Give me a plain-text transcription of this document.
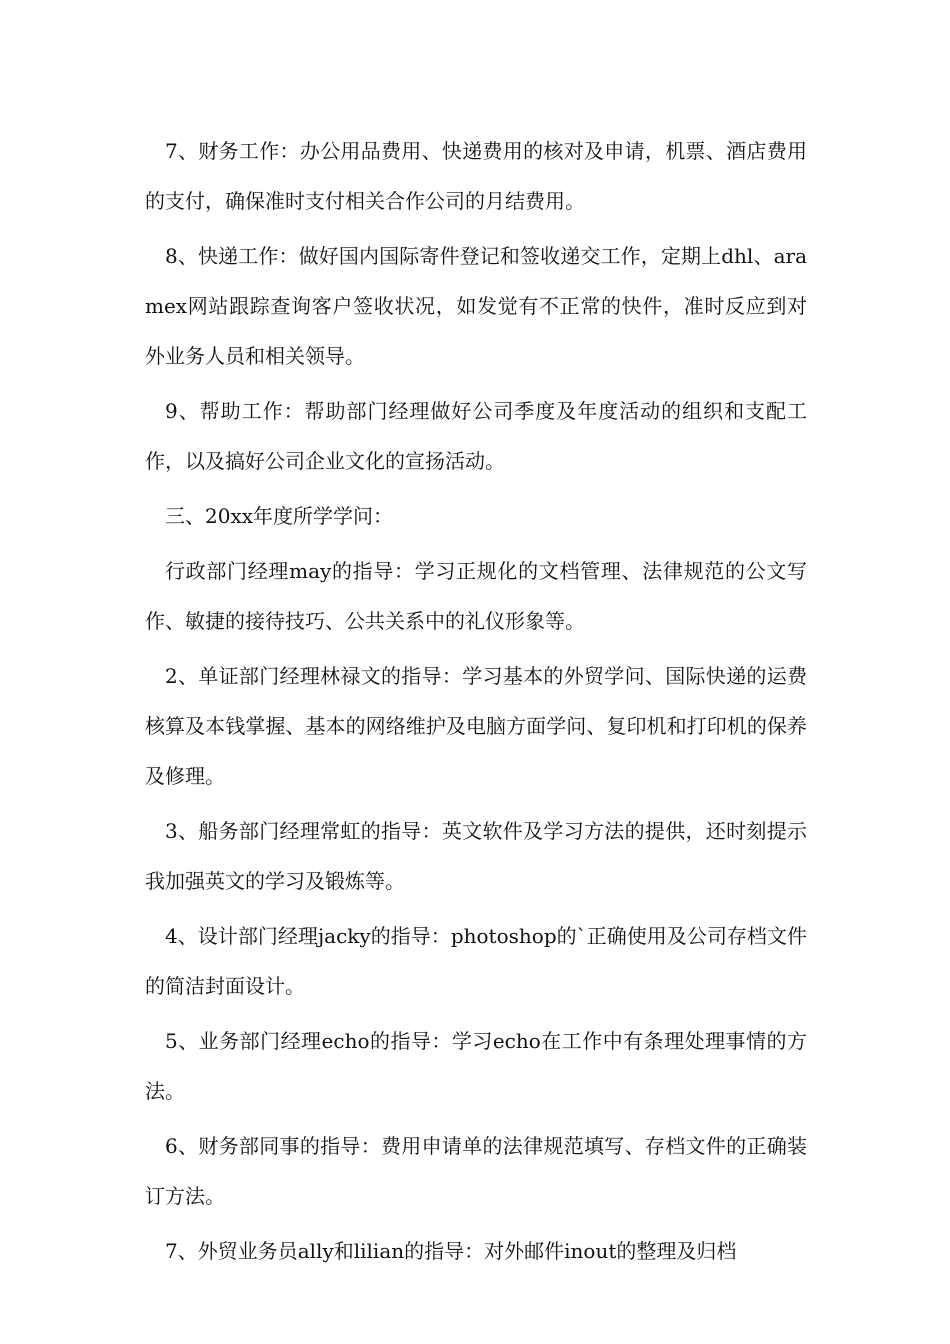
7、财务工作：办公用品费用、快递费用的核对及申请，机票、酒店费用的支付，确保准时支付相关合作公司的月结费用。

8、快递工作：做好国内国际寄件登记和签收递交工作，定期上dhl、aramex网站跟踪查询客户签收状况，如发觉有不正常的快件，准时反应到对外业务人员和相关领导。

9、帮助工作：帮助部门经理做好公司季度及年度活动的组织和支配工作，以及搞好公司企业文化的宣扬活动。

三、20xx年度所学学问：

行政部门经理may的指导：学习正规化的文档管理、法律规范的公文写作、敏捷的接待技巧、公共关系中的礼仪形象等。

2、单证部门经理林禄文的指导：学习基本的外贸学问、国际快递的运费核算及本钱掌握、基本的网络维护及电脑方面学问、复印机和打印机的保养及修理。

3、船务部门经理常虹的指导：英文软件及学习方法的提供，还时刻提示我加强英文的学习及锻炼等。

4、设计部门经理jacky的指导：photoshop的`正确使用及公司存档文件的简洁封面设计。

5、业务部门经理echo的指导：学习echo在工作中有条理处理事情的方法。

6、财务部同事的指导：费用申请单的法律规范填写、存档文件的正确装订方法。

7、外贸业务员ally和lilian的指导：对外邮件inout的整理及归档
